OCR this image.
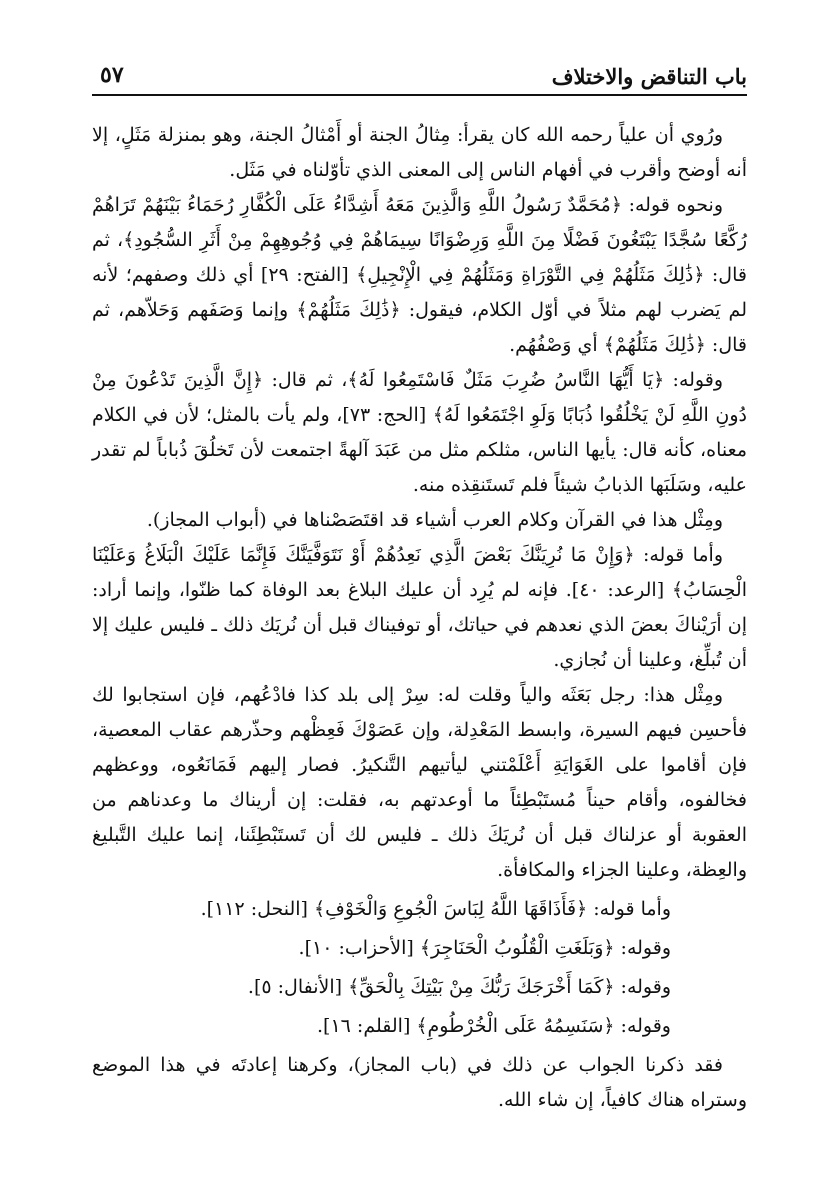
باب التناقض والاختلاف
٥٧

ورُوي أن علياً رحمه الله كان يقرأ: مِثالُ الجنة أو أَمْثالُ الجنة، وهو بمنزلة مَثَلٍ، إلا أنه أوضح وأقرب في أفهام الناس إلى المعنى الذي تأوّلناه في مَثَل.

ونحوه قوله: ﴿مُحَمَّدٌ رَسُولُ اللَّهِ وَالَّذِينَ مَعَهُ أَشِدَّاءُ عَلَى الْكُفَّارِ رُحَمَاءُ بَيْنَهُمْ تَرَاهُمْ رُكَّعًا سُجَّدًا يَبْتَغُونَ فَضْلًا مِنَ اللَّهِ وَرِضْوَانًا سِيمَاهُمْ فِي وُجُوهِهِمْ مِنْ أَثَرِ السُّجُودِ﴾، ثم قال: ﴿ذَٰلِكَ مَثَلُهُمْ فِي التَّوْرَاةِ وَمَثَلُهُمْ فِي الْإِنْجِيلِ﴾ [الفتح: ٢٩] أي ذلك وصفهم؛ لأنه لم يَضرب لهم مثلاً في أوّل الكلام، فيقول: ﴿ذَٰلِكَ مَثَلُهُمْ﴾ وإنما وَصَفَهم وَحَلاّهم، ثم قال: ﴿ذَٰلِكَ مَثَلُهُمْ﴾ أي وَصْفُهُم.

وقوله: ﴿يَا أَيُّهَا النَّاسُ ضُرِبَ مَثَلٌ فَاسْتَمِعُوا لَهُ﴾، ثم قال: ﴿إِنَّ الَّذِينَ تَدْعُونَ مِنْ دُونِ اللَّهِ لَنْ يَخْلُقُوا ذُبَابًا وَلَوِ اجْتَمَعُوا لَهُ﴾ [الحج: ٧٣]، ولم يأت بالمثل؛ لأن في الكلام معناه، كأنه قال: يأيها الناس، مثلكم مثل من عَبَدَ آلهةً اجتمعت لأن تَخلُقَ ذُباباً لم تقدر عليه، وسَلَبَها الذبابُ شيئاً فلم تَستَنقِذه منه.

ومِثْل هذا في القرآن وكلام العرب أشياء قد اقتَصَصْناها في (أبواب المجاز).

وأما قوله: ﴿وَإِنْ مَا نُرِيَنَّكَ بَعْضَ الَّذِي نَعِدُهُمْ أَوْ نَتَوَفَّيَنَّكَ فَإِنَّمَا عَلَيْكَ الْبَلَاغُ وَعَلَيْنَا الْحِسَابُ﴾ [الرعد: ٤٠]. فإنه لم يُرِد أن عليك البلاغ بعد الوفاة كما ظنّوا، وإنما أراد: إن أرَيْناكَ بعضَ الذي نعدهم في حياتك، أو توفيناك قبل أن نُريَك ذلك ـ فليس عليك إلا أن تُبلِّغ، وعلينا أن نُجازي.

ومِثْل هذا: رجل بَعَثَه والياً وقلت له: سِرْ إلى بلد كذا فادْعُهم، فإن استجابوا لك فأحسِن فيهم السيرة، وابسط المَعْدِلة، وإن عَصَوْكَ فَعِظْهم وحذّرهم عقاب المعصية، فإن أقاموا على الغَوَايَةِ أَعْلَمْتني ليأتيهم التَّنكيرُ. فصار إليهم فَمَانَعُوه، ووعظهم فخالفوه، وأقام حيناً مُستَبْطِئاً ما أوعدتهم به، فقلت: إن أريناك ما وعدناهم من العقوبة أو عزلناك قبل أن نُريَكَ ذلك ـ فليس لك أن تَستَبْطِئَنا، إنما عليك التَّبليغ والعِظة، وعلينا الجزاء والمكافأة.

وأما قوله: ﴿فَأَذَاقَهَا اللَّهُ لِبَاسَ الْجُوعِ وَالْخَوْفِ﴾ [النحل: ١١٢].

وقوله: ﴿وَبَلَغَتِ الْقُلُوبُ الْحَنَاجِرَ﴾ [الأحزاب: ١٠].

وقوله: ﴿كَمَا أَخْرَجَكَ رَبُّكَ مِنْ بَيْتِكَ بِالْحَقِّ﴾ [الأنفال: ٥].

وقوله: ﴿سَنَسِمُهُ عَلَى الْخُرْطُومِ﴾ [القلم: ١٦].

فقد ذكرنا الجواب عن ذلك في (باب المجاز)، وكرهنا إعادتَه في هذا الموضع وستراه هناك كافياً، إن شاء الله.
